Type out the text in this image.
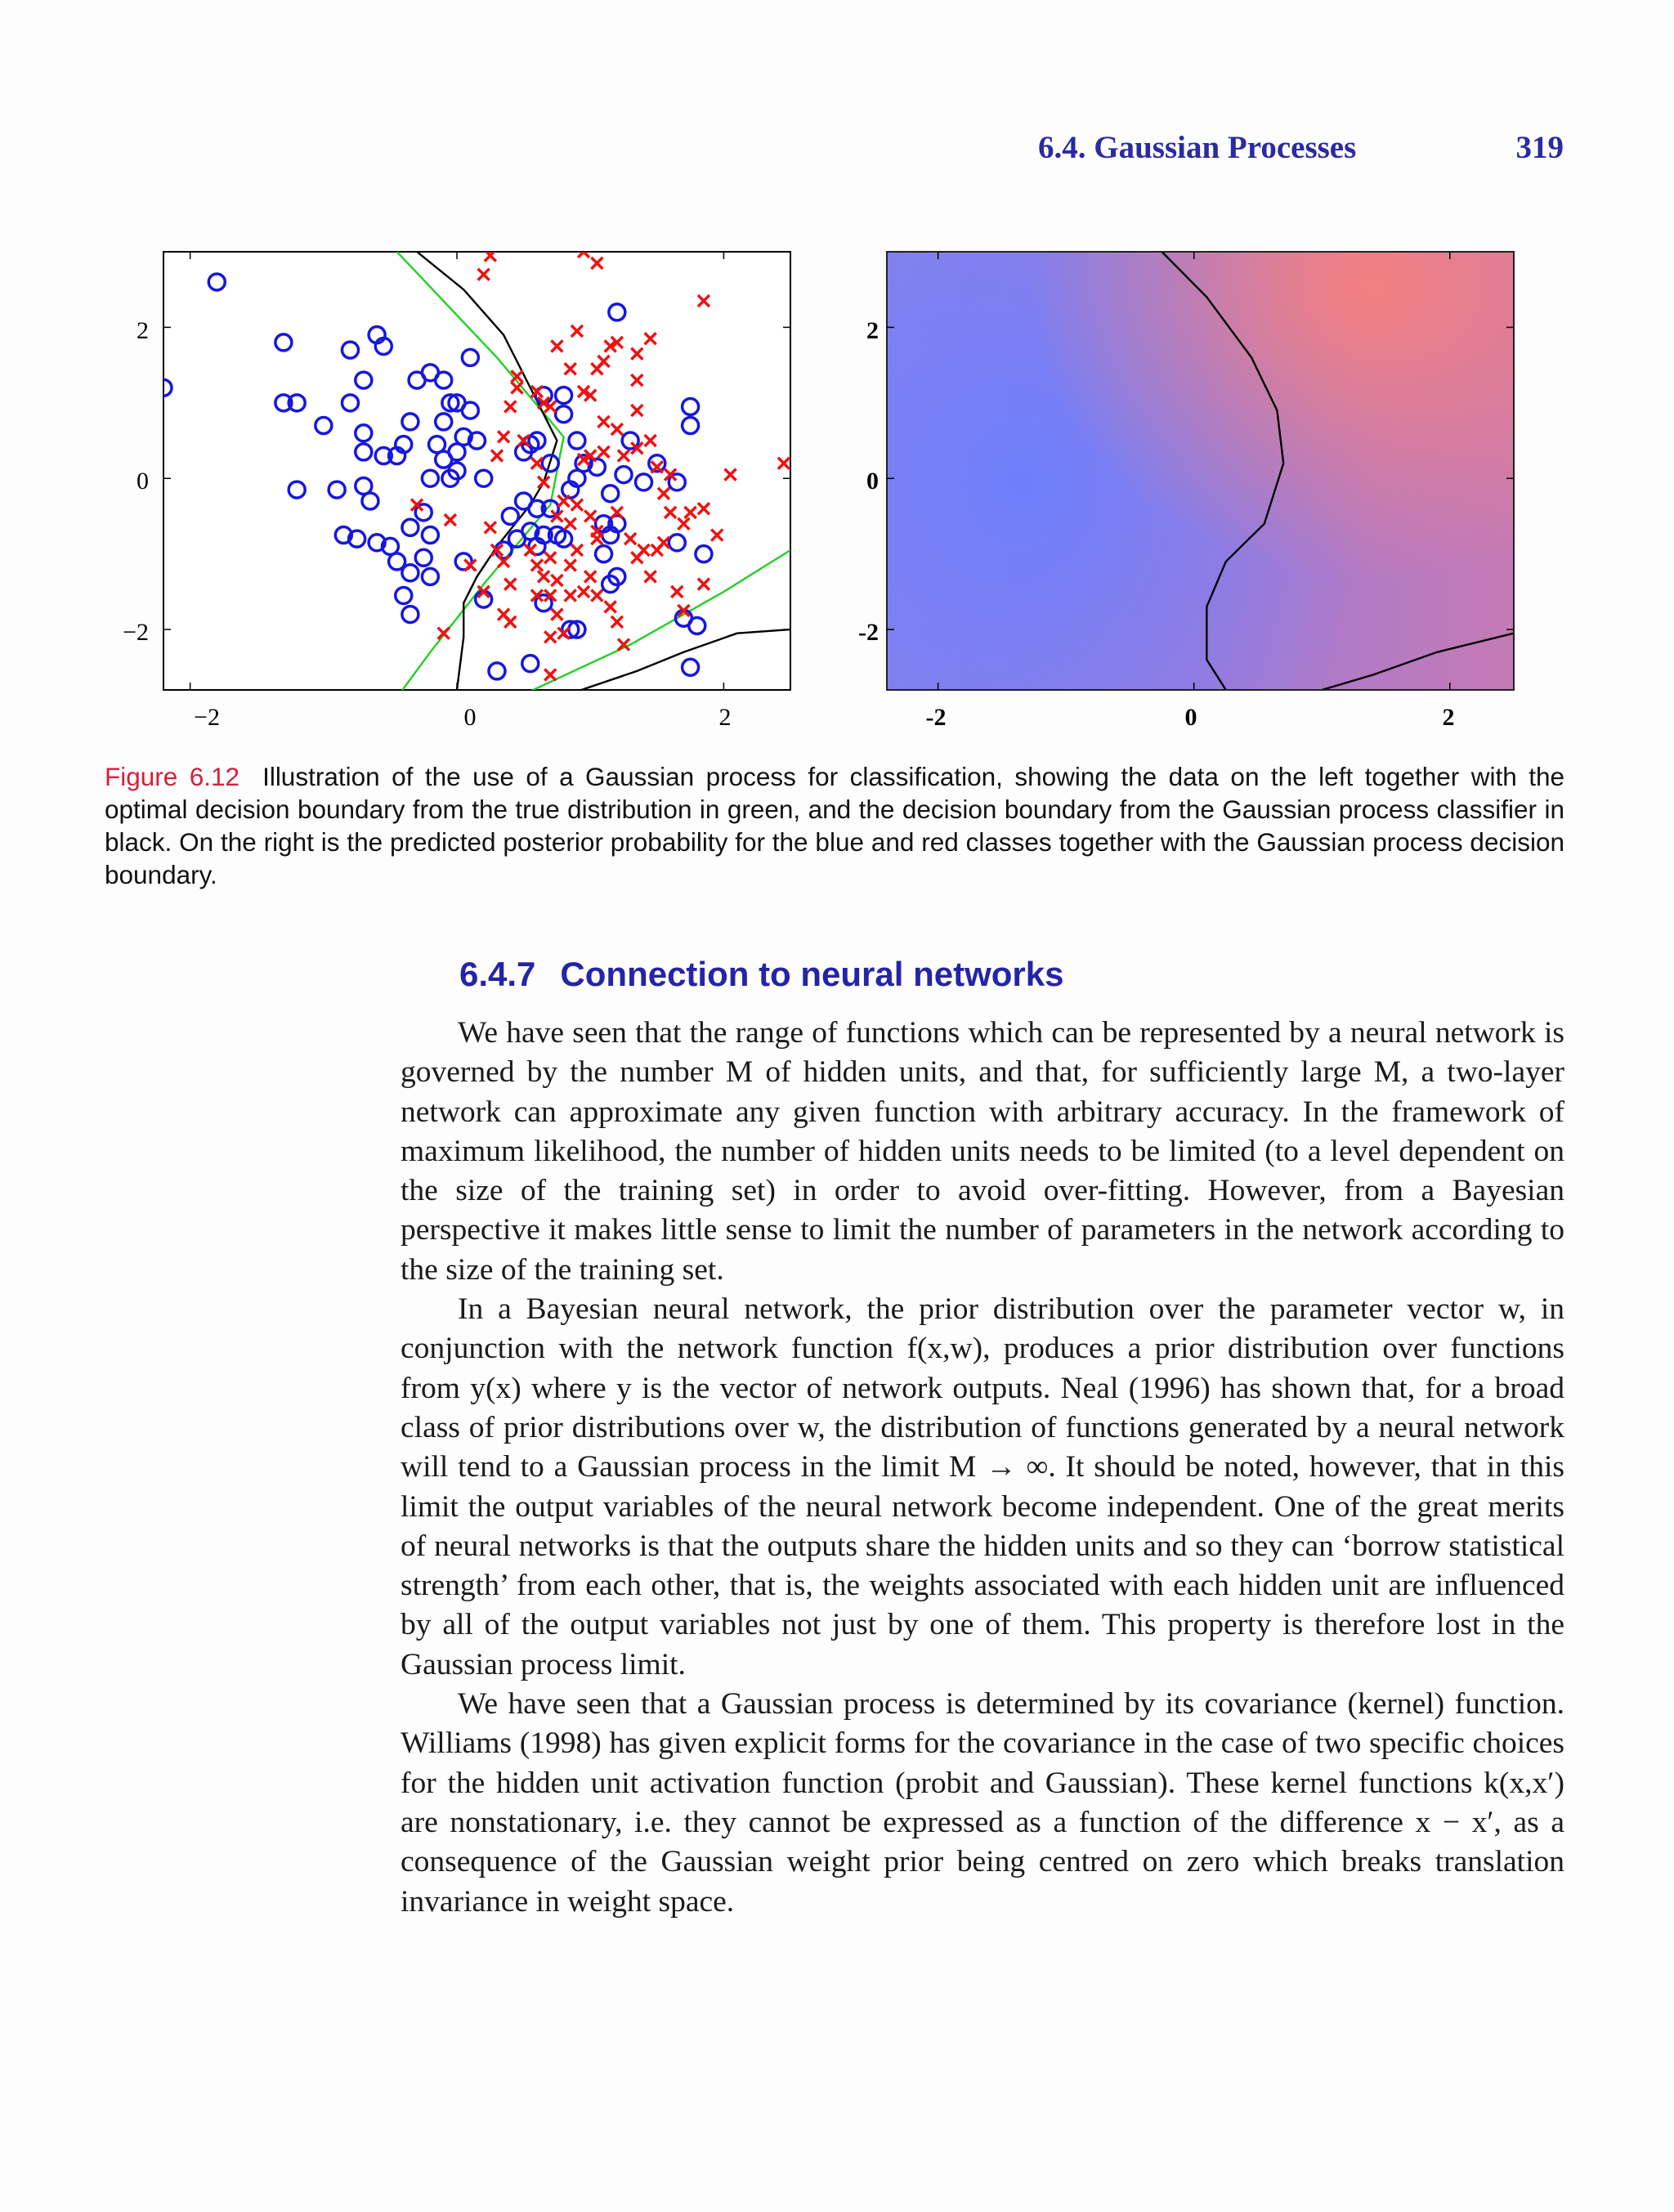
6.4. Gaussian Processes	319
2
0
−2
−2	0	2
2
0
-2
-2	0	2
Figure 6.12 Illustration of the use of a Gaussian process for classification, showing the data on the left together with the optimal decision boundary from the true distribution in green, and the decision boundary from the Gaussian process classifier in black. On the right is the predicted posterior probability for the blue and red classes together with the Gaussian process decision boundary.
6.4.7 Connection to neural networks

We have seen that the range of functions which can be represented by a neural network is governed by the number M of hidden units, and that, for sufficiently large M, a two-layer network can approximate any given function with arbitrary accuracy. In the framework of maximum likelihood, the number of hidden units needs to be limited (to a level dependent on the size of the training set) in order to avoid over-fitting. However, from a Bayesian perspective it makes little sense to limit the number of parameters in the network according to the size of the training set.

In a Bayesian neural network, the prior distribution over the parameter vector w, in conjunction with the network function f(x,w), produces a prior distribution over functions from y(x) where y is the vector of network outputs. Neal (1996) has shown that, for a broad class of prior distributions over w, the distribution of functions generated by a neural network will tend to a Gaussian process in the limit M → ∞. It should be noted, however, that in this limit the output variables of the neural network become independent. One of the great merits of neural networks is that the outputs share the hidden units and so they can ‘borrow statistical strength’ from each other, that is, the weights associated with each hidden unit are influenced by all of the output variables not just by one of them. This property is therefore lost in the Gaussian process limit.

We have seen that a Gaussian process is determined by its covariance (kernel) function. Williams (1998) has given explicit forms for the covariance in the case of two specific choices for the hidden unit activation function (probit and Gaussian). These kernel functions k(x,x′) are nonstationary, i.e. they cannot be expressed as a function of the difference x − x′, as a consequence of the Gaussian weight prior being centred on zero which breaks translation invariance in weight space.
